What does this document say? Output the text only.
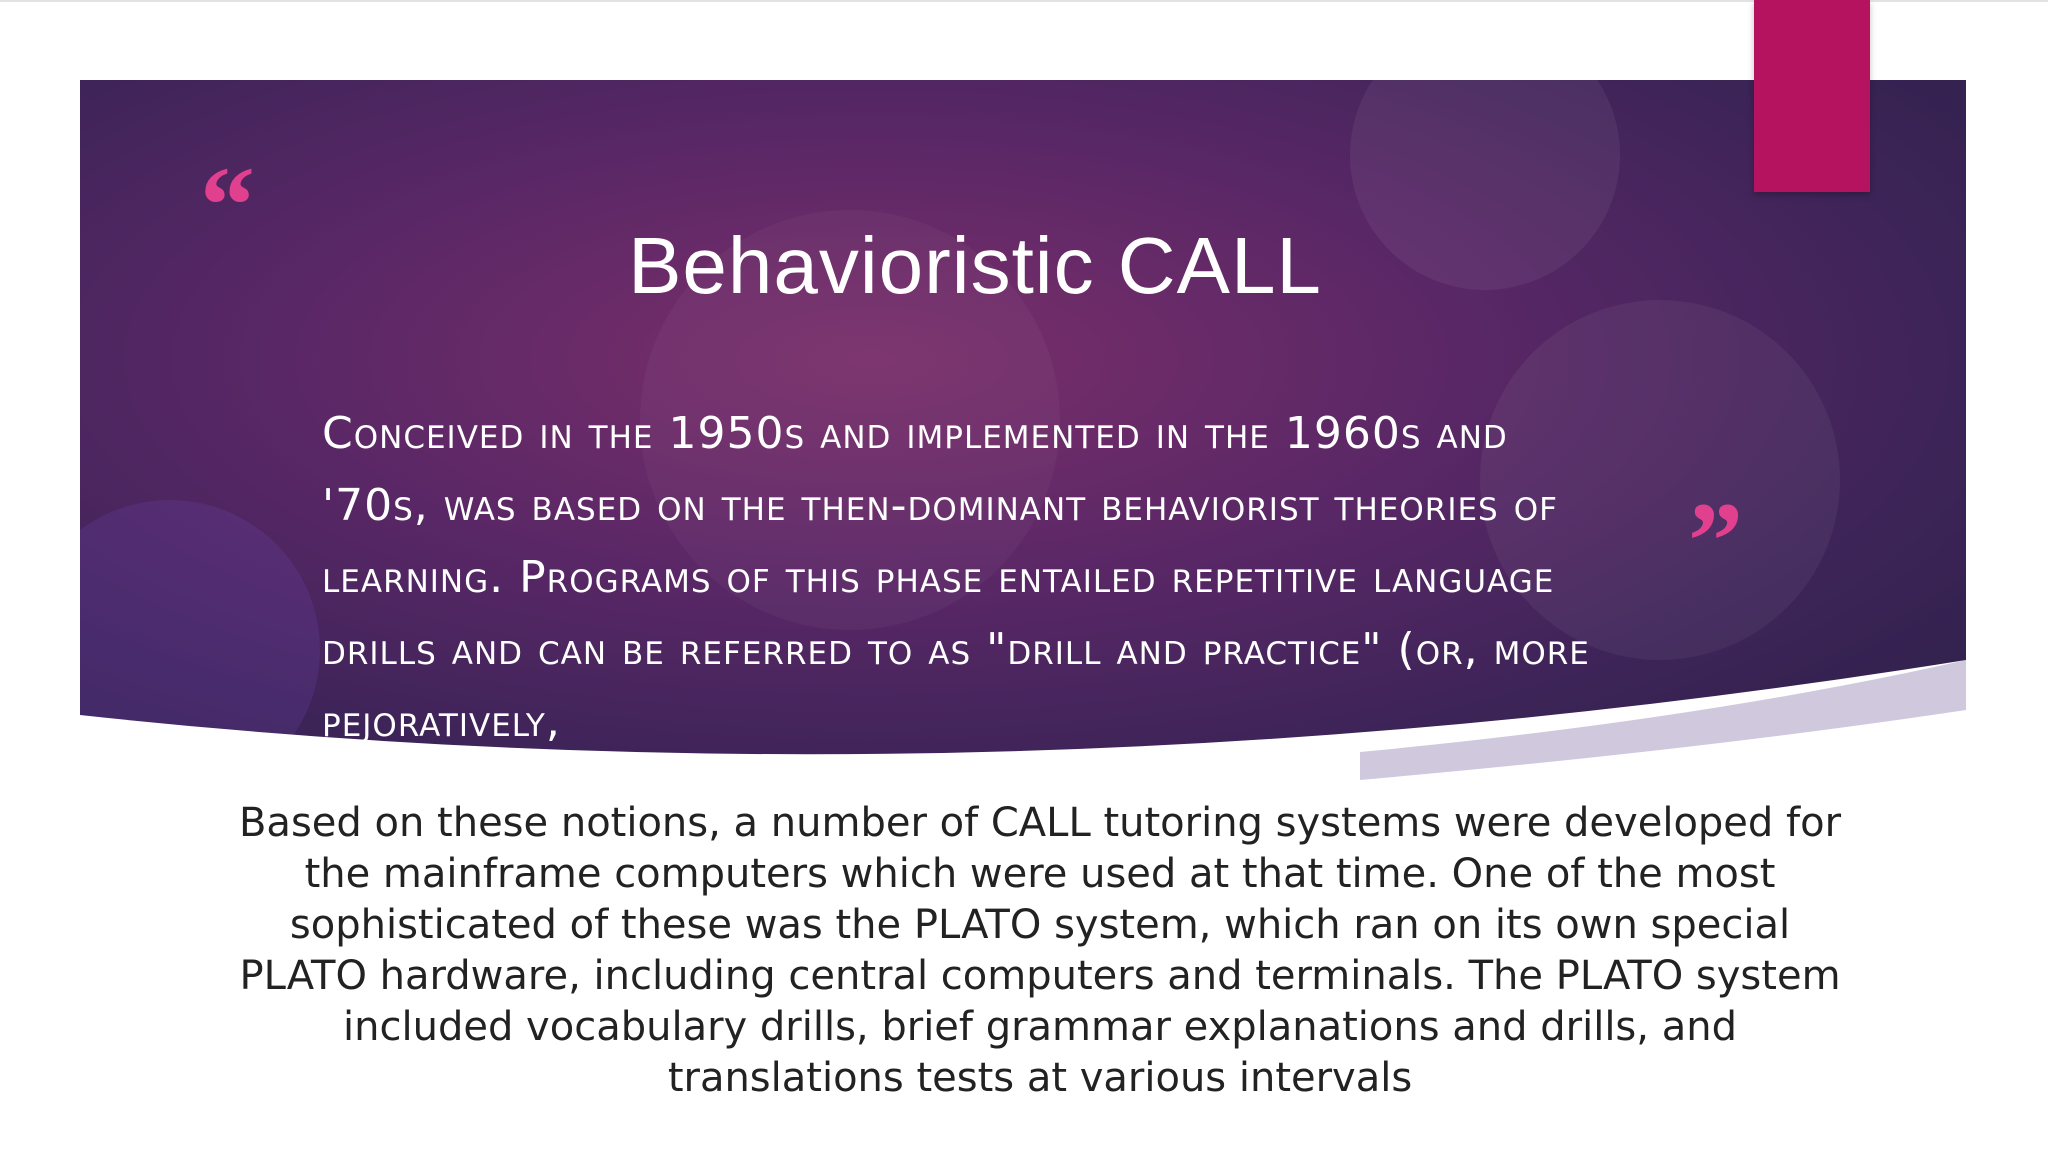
“	Behavioristic CALL
Conceived in the 1950s and implemented in the 1960s and '70s, was based on the then-dominant behaviorist theories of learning. Programs of this phase entailed repetitive language drills and can be referred to as "drill and practice" (or, more pejoratively,
”
Based on these notions, a number of CALL tutoring systems were developed for the mainframe computers which were used at that time. One of the most sophisticated of these was the PLATO system, which ran on its own special PLATO hardware, including central computers and terminals. The PLATO system included vocabulary drills, brief grammar explanations and drills, and translations tests at various intervals
